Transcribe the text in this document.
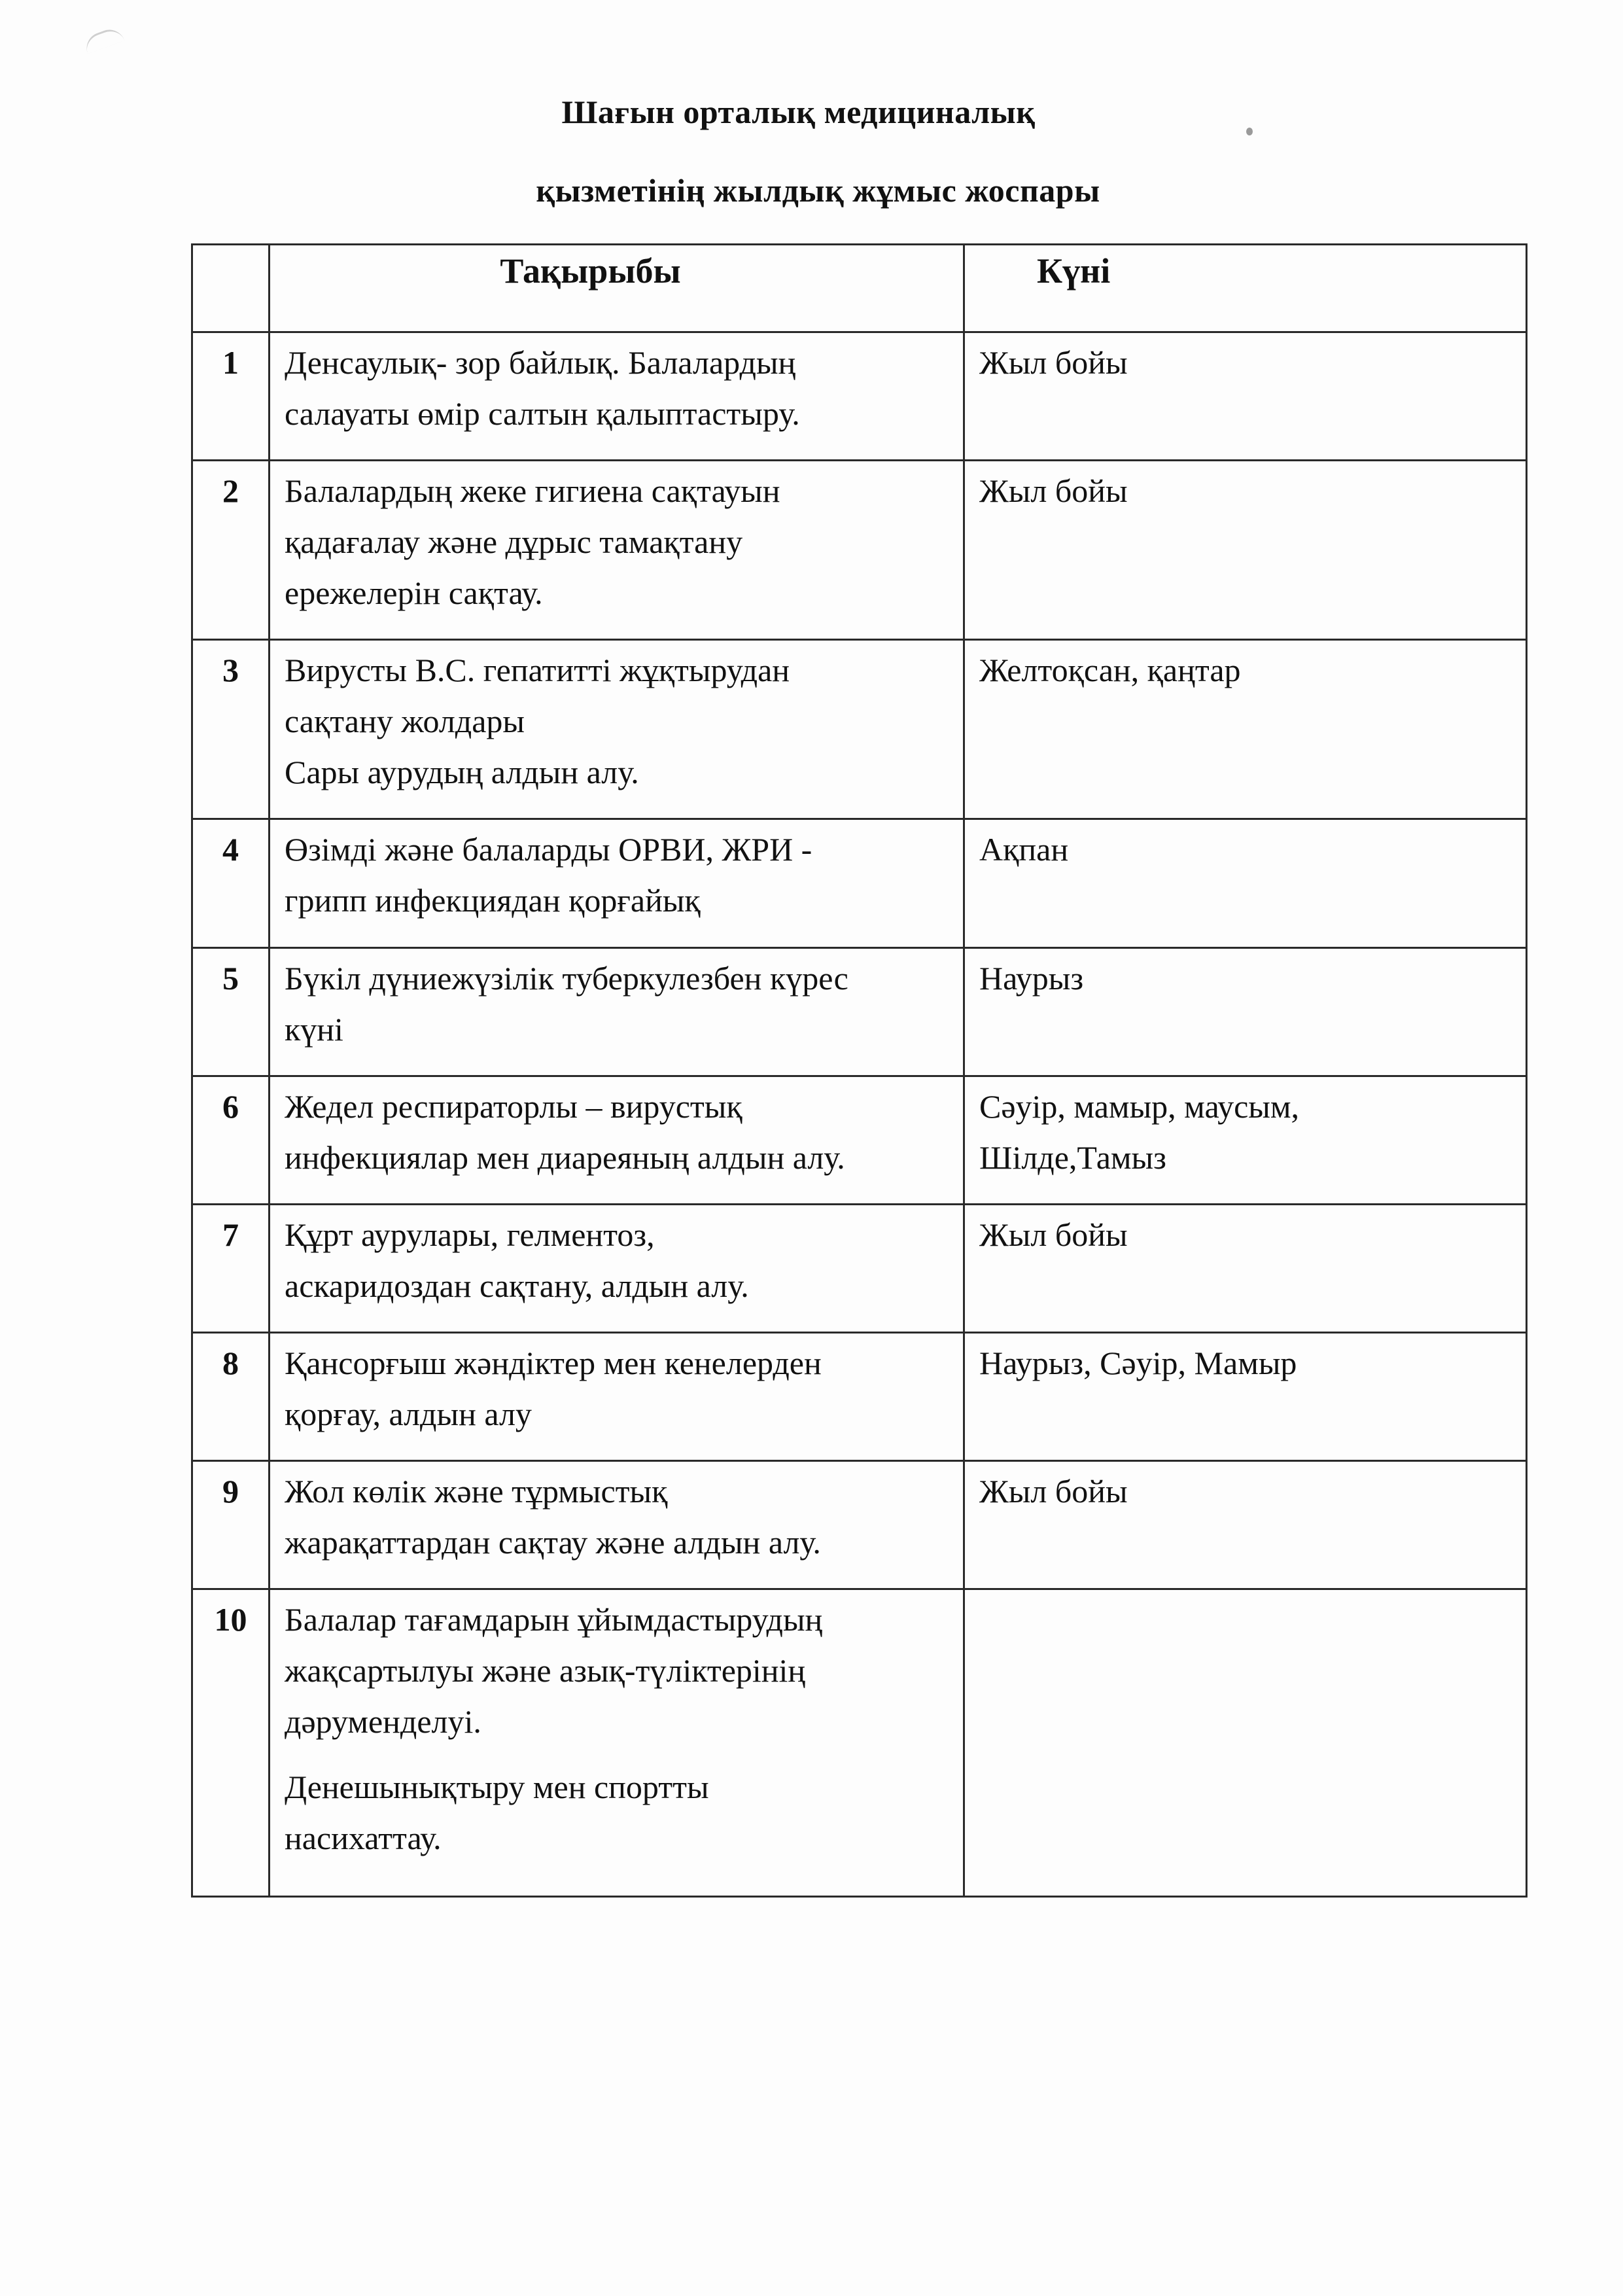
Шағын орталық медициналық
қызметінің жылдық жұмыс жоспары
	Тақырыбы	Күні
1	Денсаулық- зор байлық. Балалардың
салауаты өмір салтын қалыптастыру.	Жыл бойы

2	Балалардың жеке гигиена сақтауын
қадағалау және дұрыс тамақтану
ережелерін сақтау.	Жыл бойы

3	Вирусты В.С. гепатитті жұқтырудан
сақтану жолдары
Сары аурудың алдын алу.	Желтоқсан, қаңтар

4	Өзімді және балаларды ОРВИ, ЖРИ -
грипп инфекциядан қорғайық	Ақпан

5	Бүкіл дүниежүзілік туберкулезбен күрес
күні	Наурыз

6	Жедел респираторлы – вирустық
инфекциялар мен диареяның алдын алу.	Сәуір, мамыр, маусым,
Шілде,Тамыз

7	Құрт аурулары, гелментоз,
аскаридоздан сақтану, алдын алу.	Жыл бойы

8	Қансорғыш жәндіктер мен кенелерден
қорғау, алдын алу	Наурыз, Сәуір, Мамыр

9	Жол көлік және тұрмыстық
жарақаттардан сақтау және алдын алу.	Жыл бойы

10	Балалар тағамдарын ұйымдастырудың
жақсартылуы және азық-түліктерінің
дәруменделуі.
Денешынықтыру мен спортты
насихаттау.	
